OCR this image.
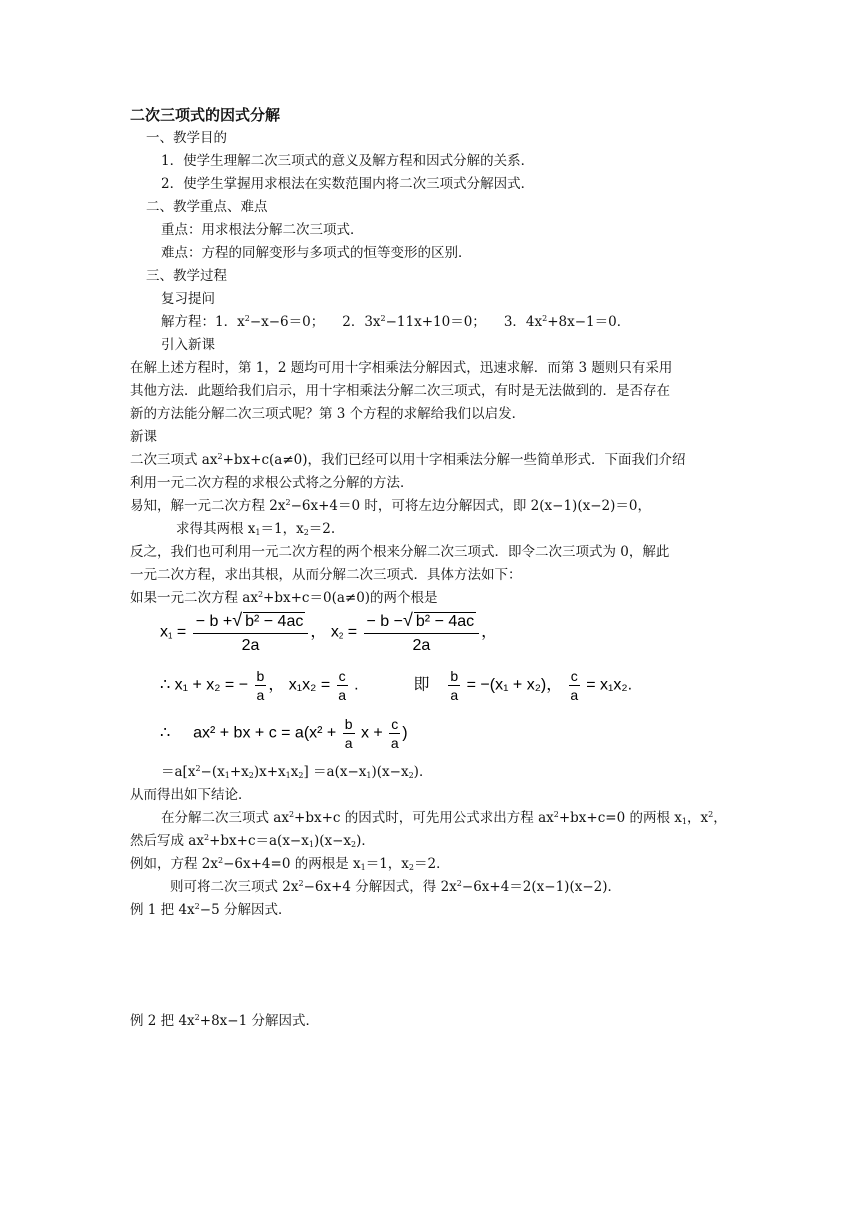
二次三项式的因式分解
一、教学目的
1．使学生理解二次三项式的意义及解方程和因式分解的关系．
2．使学生掌握用求根法在实数范围内将二次三项式分解因式．
二、教学重点、难点
重点：用求根法分解二次三项式．
难点：方程的同解变形与多项式的恒等变形的区别．
三、教学过程
复习提问
解方程：1．$x^2-x-6=0$； 2．$3x^2-11x+10=0$； 3．$4x^2+8x-1=0$．
引入新课
在解上述方程时，第 1，2 题均可用十字相乘法分解因式，迅速求解．而第 3 题则只有采用
其他方法．此题给我们启示，用十字相乘法分解二次三项式，有时是无法做到的．是否存在
新的方法能分解二次三项式呢？第 3 个方程的求解给我们以启发．
新课
二次三项式 $ax^2+bx+c(a\ne 0)$，我们已经可以用十字相乘法分解一些简单形式．下面我们介绍
利用一元二次方程的求根公式将之分解的方法．
易知，解一元二次方程 $2x^2-6x+4=0$ 时，可将左边分解因式，即 2(x−1)(x−2)＝0，
求得其两根 $x_1=1$，$x_2=2$.
反之，我们也可利用一元二次方程的两个根来分解二次三项式．即令二次三项式为 0，解此
一元二次方程，求出其根，从而分解二次三项式．具体方法如下：
如果一元二次方程 $ax^2+bx+c=0(a\ne 0)$的两个根是
$x_1 = \frac{\text{− b +√ b² − 4ac}}{2a}$ ， $x_2 = \frac{\text{− b −√ b² − 4ac}}{2a}$ ，
∴ x₁ + x₂ = − $\frac{b}{a}$ ， $x_1x_2 = \frac{c}{a}$ .	即 $\frac{b}{a} = -(x_1 + x_2)$， $\frac{c}{a} = x_1x_2$.
∴ ax² + bx + $c = a(x^2 + \frac{b}{a}$ $x + \frac{c}{a}$ )
$=a[x^2-(x_1+x_2)x+x_1x_2] =a(x-x_1)(x-x_2)$．
从而得出如下结论．
在分解二次三项式 $ax^2+bx+c$ 的因式时，可先用公式求出方程 $ax^2+bx+c=0$ 的两根 $x_1$，$x^2$，
然后写成 $ax^2+bx+c=a(x-x_1)(x-x_2)$．
例如，方程 $2x^2-6x+4=0$ 的两根是 $x_1=1$，$x_2=2$．
则可将二次三项式 $2x^2-6x+4$ 分解因式，得 $2x^2-6x+4=2(x-1)(x-2)$．
例 1 把 $4x^2-5$ 分解因式．
例 2 把 $4x^2+8x-1$ 分解因式．
